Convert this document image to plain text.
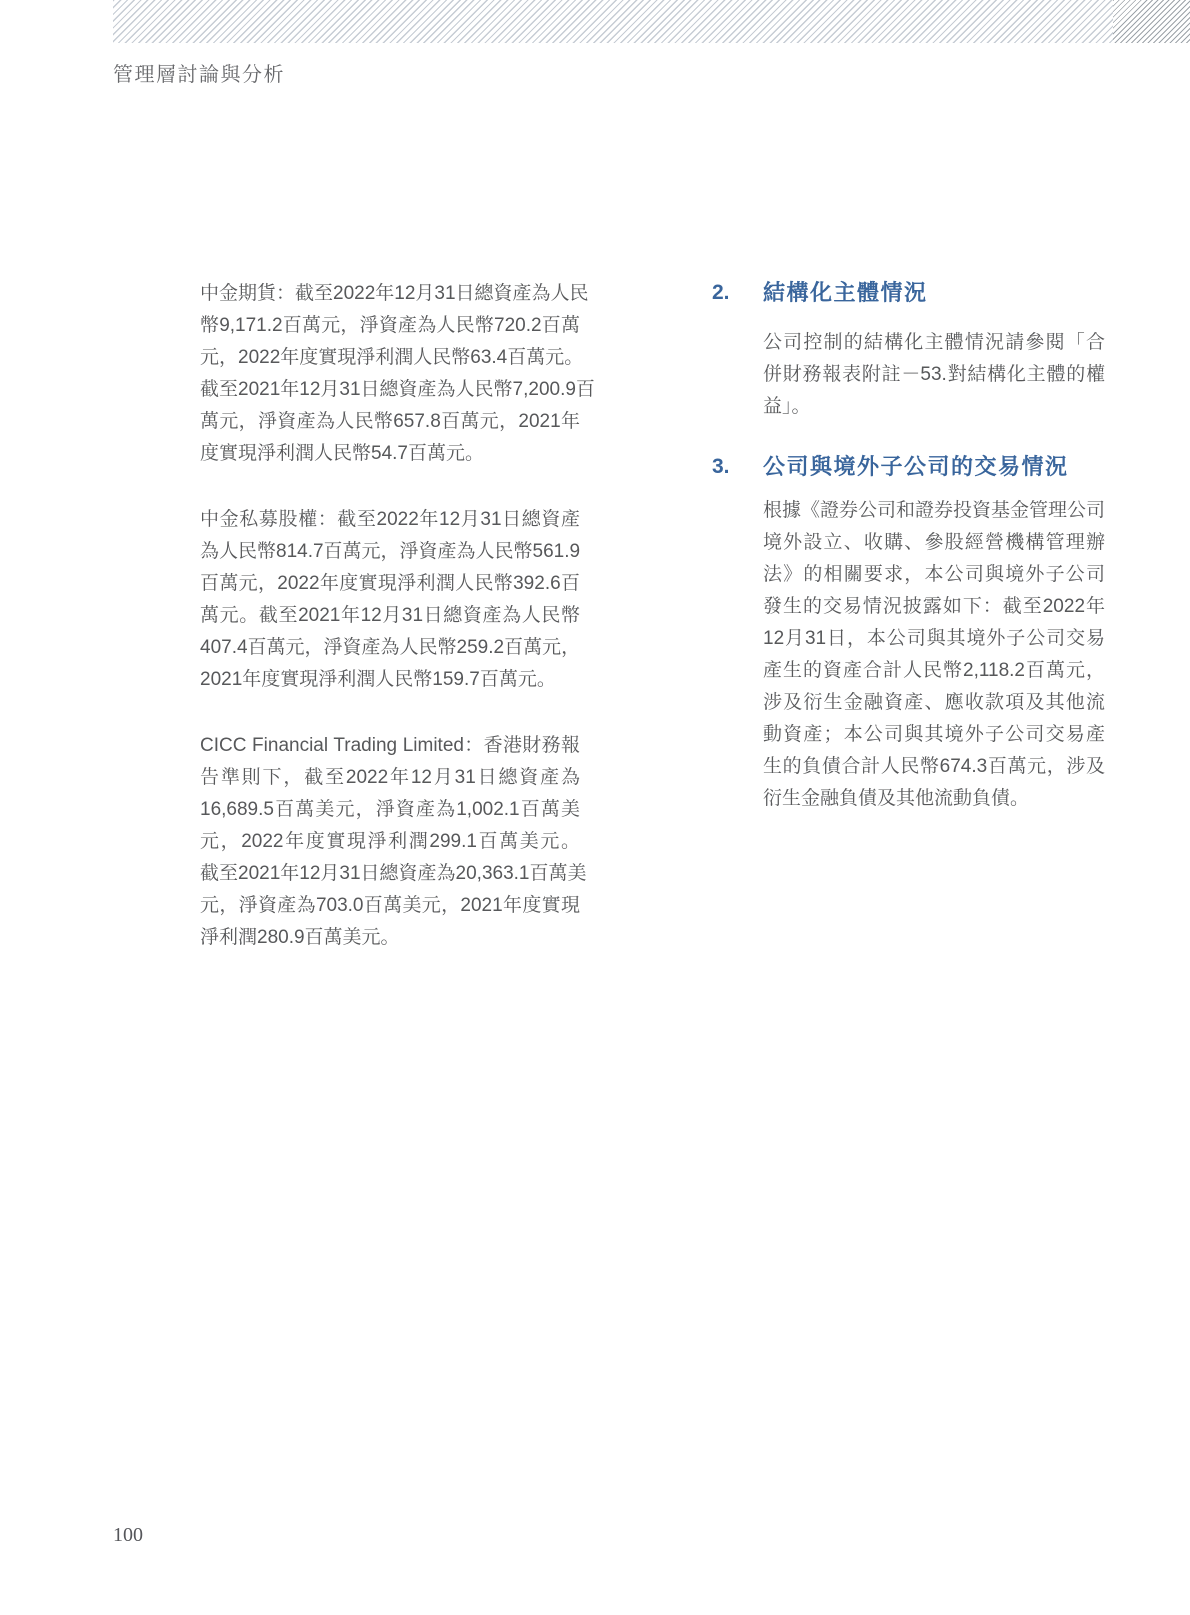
管理層討論與分析
中金期貨：截至2022年12月31日總資產為人民
幣9,171.2百萬元，淨資產為人民幣720.2百萬
元，2022年度實現淨利潤人民幣63.4百萬元。
截至2021年12月31日總資產為人民幣7,200.9百
萬元，淨資產為人民幣657.8百萬元，2021年
度實現淨利潤人民幣54.7百萬元。
中金私募股權：截至2022年12月31日總資產
為人民幣814.7百萬元，淨資產為人民幣561.9
百萬元，2022年度實現淨利潤人民幣392.6百
萬元。截至2021年12月31日總資產為人民幣
407.4百萬元，淨資產為人民幣259.2百萬元，
2021年度實現淨利潤人民幣159.7百萬元。
CICC Financial Trading Limited：香港財務報
告準則下，截至2022年12月31日總資產為
16,689.5百萬美元，淨資產為1,002.1百萬美
元，2022年度實現淨利潤299.1百萬美元。
截至2021年12月31日總資產為20,363.1百萬美
元，淨資產為703.0百萬美元，2021年度實現
淨利潤280.9百萬美元。
2.	結構化主體情況
公司控制的結構化主體情況請參閱「合
併財務報表附註－53.對結構化主體的權
益」。
3.	公司與境外子公司的交易情況
根據《證券公司和證券投資基金管理公司
境外設立、收購、參股經營機構管理辦
法》的相關要求，本公司與境外子公司
發生的交易情況披露如下：截至2022年
12月31日，本公司與其境外子公司交易
產生的資產合計人民幣2,118.2百萬元，
涉及衍生金融資產、應收款項及其他流
動資產；本公司與其境外子公司交易產
生的負債合計人民幣674.3百萬元，涉及
衍生金融負債及其他流動負債。
100
